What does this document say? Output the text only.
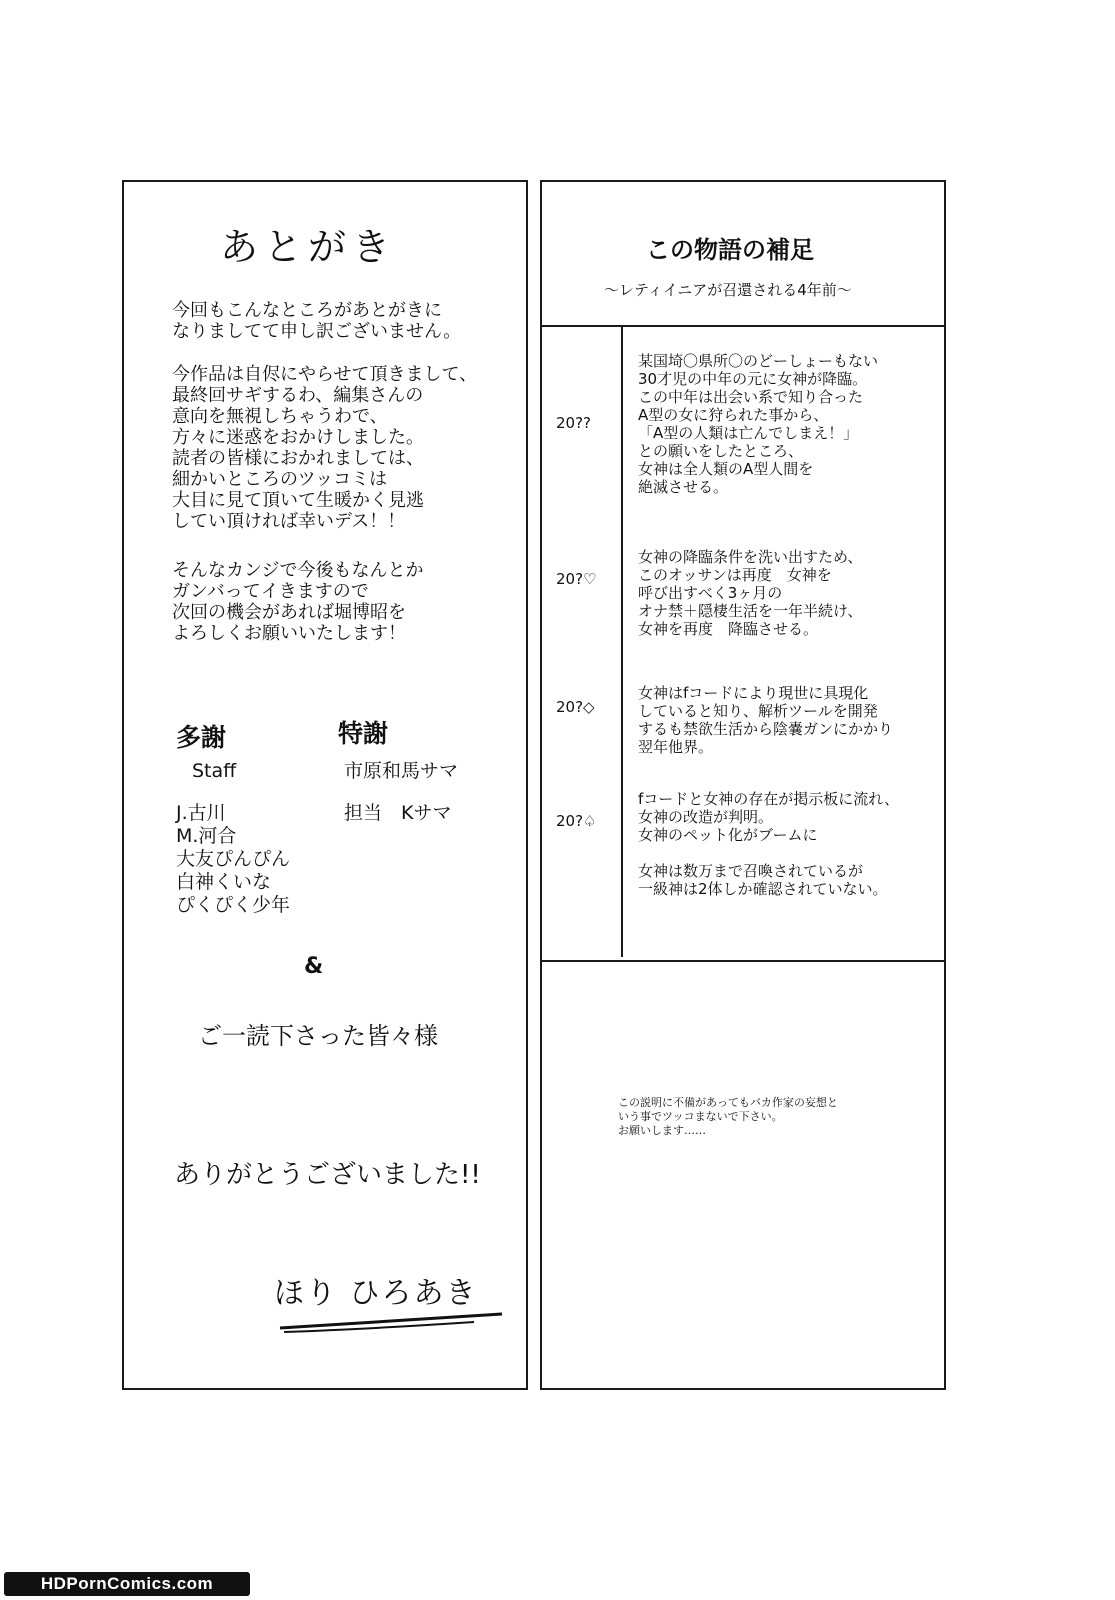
あとがき
今回もこんなところがあとがきに
なりましてて申し訳ございません。
今作品は自侭にやらせて頂きまして、
最終回サギするわ、編集さんの
意向を無視しちゃうわで、
方々に迷惑をおかけしました。
読者の皆様におかれましては、
細かいところのツッコミは
大目に見て頂いて生暖かく見逃
してい頂ければ幸いデス！！
そんなカンジで今後もなんとか
ガンバってイきますので
次回の機会があれば堀博昭を
よろしくお願いいたします！
多謝	特謝
Staff
J.古川
M.河合
大友ぴんぴん
白神くいな
ぴくぴく少年
市原和馬サマ
担当　Kサマ
&
ご一読下さった皆々様
ありがとうございました!!
ほり ひろあき
この物語の補足
～レティイニアが召還される4年前～
20??
某国埼〇県所〇のどーしょーもない
30才児の中年の元に女神が降臨。
この中年は出会い系で知り合った
A型の女に狩られた事から、
「A型の人類は亡んでしまえ！」
との願いをしたところ、
女神は全人類のA型人間を
絶滅させる。
20?♡
女神の降臨条件を洗い出すため、
このオッサンは再度　女神を
呼び出すべく3ヶ月の
オナ禁＋隠棲生活を一年半続け、
女神を再度　降臨させる。
20?◇
女神はfコードにより現世に具現化
していると知り、解析ツールを開発
するも禁欲生活から陰嚢ガンにかかり
翌年他界。
20?♤
fコードと女神の存在が掲示板に流れ、
女神の改造が判明。
女神のペット化がブームに
女神は数万まで召喚されているが
一級神は2体しか確認されていない。
この説明に不備があってもバカ作家の妄想と
いう事でツッコまないで下さい。
お願いします……
HDPornComics.com
